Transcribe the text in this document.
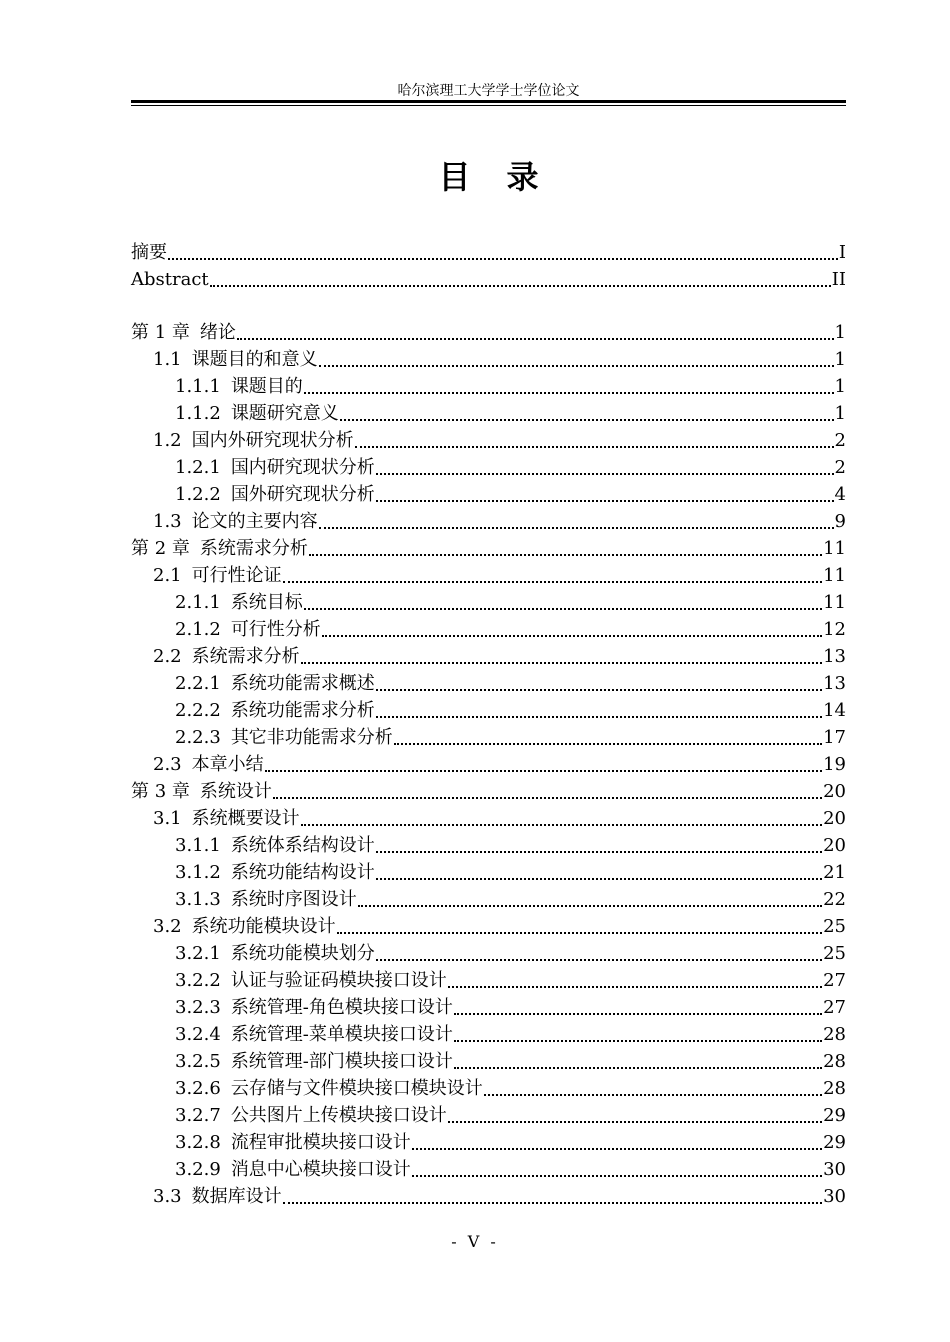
哈尔滨理工大学学士学位论文
目 录
摘要	I
Abstract	II
第 1 章 绪论	1
1.1 课题目的和意义	1
1.1.1 课题目的	1
1.1.2 课题研究意义	1
1.2 国内外研究现状分析	2
1.2.1 国内研究现状分析	2
1.2.2 国外研究现状分析	4
1.3 论文的主要内容	9
第 2 章 系统需求分析	11
2.1 可行性论证	11
2.1.1 系统目标	11
2.1.2 可行性分析	12
2.2 系统需求分析	13
2.2.1 系统功能需求概述	13
2.2.2 系统功能需求分析	14
2.2.3 其它非功能需求分析	17
2.3 本章小结	19
第 3 章 系统设计	20
3.1 系统概要设计	20
3.1.1 系统体系结构设计	20
3.1.2 系统功能结构设计	21
3.1.3 系统时序图设计	22
3.2 系统功能模块设计	25
3.2.1 系统功能模块划分	25
3.2.2 认证与验证码模块接口设计	27
3.2.3 系统管理-角色模块接口设计	27
3.2.4 系统管理-菜单模块接口设计	28
3.2.5 系统管理-部门模块接口设计	28
3.2.6 云存储与文件模块接口模块设计	28
3.2.7 公共图片上传模块接口设计	29
3.2.8 流程审批模块接口设计	29
3.2.9 消息中心模块接口设计	30
3.3 数据库设计	30
- V -
